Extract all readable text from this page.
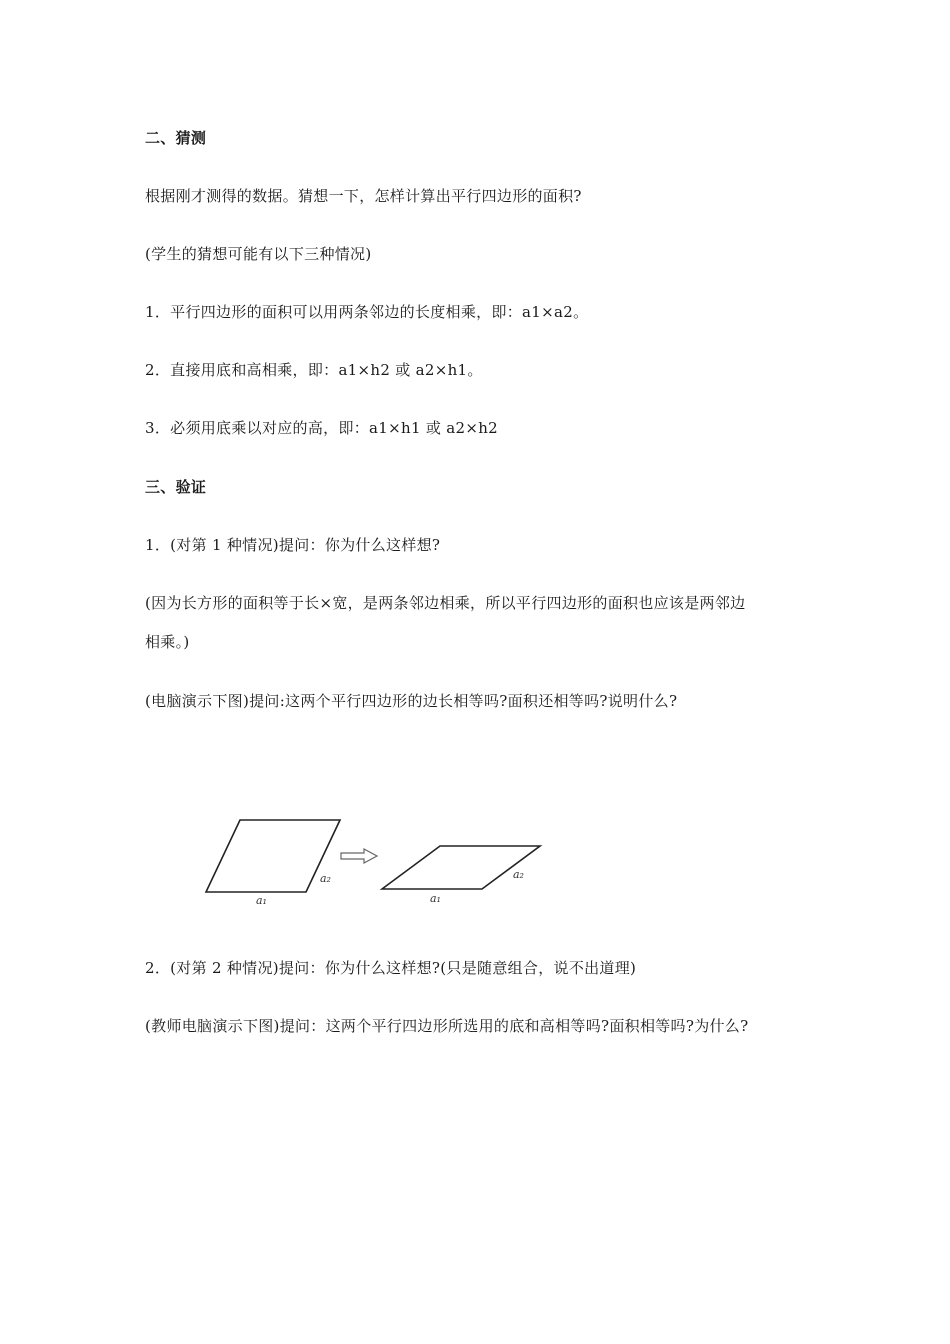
二、猜测
根据刚才测得的数据。猜想一下，怎样计算出平行四边形的面积?
(学生的猜想可能有以下三种情况)
1．平行四边形的面积可以用两条邻边的长度相乘，即：a1×a2。
2．直接用底和高相乘，即：a1×h2 或 a2×h1。
3．必须用底乘以对应的高，即：a1×h1 或 a2×h2
三、验证
1．(对第 1 种情况)提问：你为什么这样想?
(因为长方形的面积等于长×宽，是两条邻边相乘，所以平行四边形的面积也应该是两邻边
相乘。)
(电脑演示下图)提问:这两个平行四边形的边长相等吗?面积还相等吗?说明什么?
a₁
a₂
a₁
a₂
2．(对第 2 种情况)提问：你为什么这样想?(只是随意组合，说不出道理)
(教师电脑演示下图)提问：这两个平行四边形所选用的底和高相等吗?面积相等吗?为什么?
